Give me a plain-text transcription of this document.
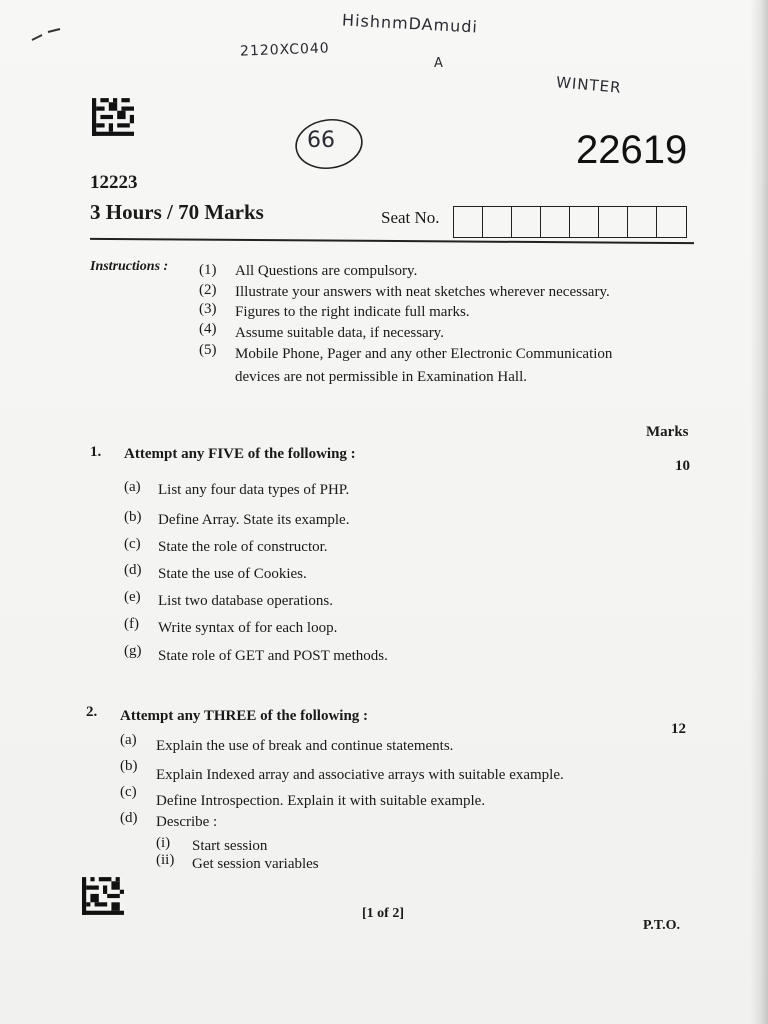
HishnmDAmudi
2120XC040
A
WINTER
66	22619
12223
3 Hours / 70 Marks	Seat No.
Instructions : (1) All Questions are compulsory.
(2) Illustrate your answers with neat sketches wherever necessary.
(3) Figures to the right indicate full marks.
(4) Assume suitable data, if necessary.
(5) Mobile Phone, Pager and any other Electronic Communication
devices are not permissible in Examination Hall.
Marks
1. Attempt any FIVE of the following :
10
(a) List any four data types of PHP.
(b) Define Array. State its example.
(c) State the role of constructor.
(d) State the use of Cookies.
(e) List two database operations.
(f) Write syntax of for each loop.
(g) State role of GET and POST methods.
2. Attempt any THREE of the following :
12
(a) Explain the use of break and continue statements.
(b)
Explain Indexed array and associative arrays with suitable example.
(c)
Define Introspection. Explain it with suitable example.
(d) Describe :
(i) Start session
(ii) Get session variables
[1 of 2]
P.T.O.
